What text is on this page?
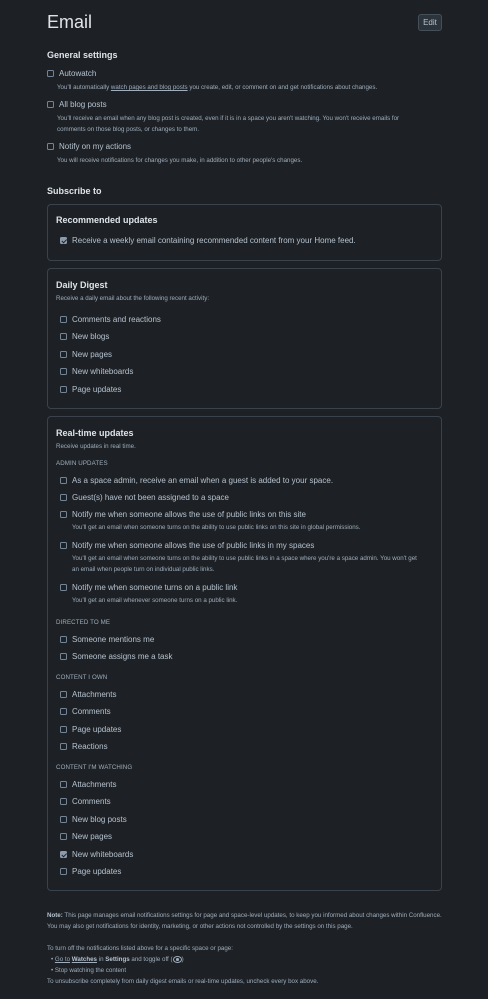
Email	Edit
General settings
Autowatch
You'll automatically watch pages and blog posts you create, edit, or comment on and get notifications about changes.
All blog posts
You'll receive an email when any blog post is created, even if it is in a space you aren't watching. You won't receive emails for comments on those blog posts, or changes to them.
Notify on my actions
You will receive notifications for changes you make, in addition to other people's changes.
Subscribe to
Recommended updates
Receive a weekly email containing recommended content from your Home feed.
Daily Digest
Receive a daily email about the following recent activity:
Comments and reactions
New blogs
New pages
New whiteboards
Page updates
Real-time updates
Receive updates in real time.
ADMIN UPDATES
DIRECTED TO ME
CONTENT I OWN
CONTENT I'M WATCHING
As a space admin, receive an email when a guest is added to your space.
Guest(s) have not been assigned to a space
Notify me when someone allows the use of public links on this site
You'll get an email when someone turns on the ability to use public links on this site in global permissions.
Notify me when someone allows the use of public links in my spaces
You'll get an email when someone turns on the ability to use public links in a space where you're a space admin. You won't get an email when people turn on individual public links.
Notify me when someone turns on a public link
You'll get an email whenever someone turns on a public link.
Someone mentions me
Someone assigns me a task
Attachments
Comments
Page updates
Reactions
Attachments
Comments
New blog posts
New pages
New whiteboards
Page updates
Note: This page manages email notifications settings for page and space-level updates, to keep you informed about changes within Confluence. You may also get notifications for identity, marketing, or other actions not controlled by the settings on this page.
To turn off the notifications listed above for a specific space or page:
• Go to Watches in Settings and toggle off ( )
• Stop watching the content
To unsubscribe completely from daily digest emails or real-time updates, uncheck every box above.
